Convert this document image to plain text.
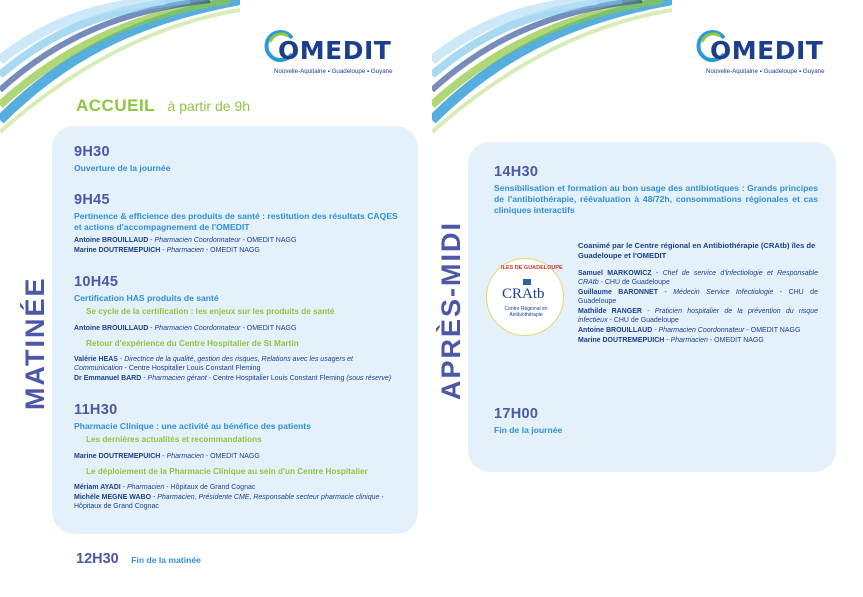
OMEDIT
Nouvelle-Aquitaine ▪ Guadeloupe ▪ Guyane
ACCUEIL à partir de 9h
MATINÉE
9H30
Ouverture de la journée
9H45
Pertinence & efficience des produits de santé : restitution des résultats CAQES et actions d'accompagnement de l'OMEDIT
Antoine BROUILLAUD - Pharmacien Coordonnateur - OMEDIT NAGG
Marine DOUTREMEPUICH - Pharmacien - OMEDIT NAGG
10H45
Certification HAS produits de santé
Se cycle de la certification : les enjeux sur les produits de santé
Antoine BROUILLAUD - Pharmacien Coordonnateur - OMEDIT NAGG
Retour d'expérience du Centre Hospitalier de St Martin
Valérie HEAS - Directrice de la qualité, gestion des risques, Relations avec les usagers et Communication - Centre Hospitalier Louis Constant Fleming
Dr Emmanuel BARD - Pharmacien gérant - Centre Hospitalier Louis Constant Fleming (sous réserve)
11H30
Pharmacie Clinique : une activité au bénéfice des patients
Les dernières actualités et recommandations
Marine DOUTREMEPUICH - Pharmacien - OMEDIT NAGG
Le déploiement de la Pharmacie Clinique au sein d'un Centre Hospitalier
Mériam AYADI - Pharmacien - Hôpitaux de Grand Cognac
Michèle MEGNE WABO - Pharmacien, Présidente CME, Responsable secteur pharmacie clinique - Hôpitaux de Grand Cognac
12H30 Fin de la matinée
OMEDIT
Nouvelle-Aquitaine ▪ Guadeloupe ▪ Guyane
APRÈS-MIDI
14H30
Sensibilisation et formation au bon usage des antibiotiques : Grands principes de l'antibiothérapie, réévaluation à 48/72h, consommations régionales et cas cliniques interactifs
ILES DE GUADELOUPE
CRAtb
Centre Régional en Antibiothérapie
Coanimé par le Centre régional en Antibiothérapie (CRAtb) îles de Guadeloupe et l'OMEDIT
Samuel MARKOWICZ - Chef de service d'infectiologie et Responsable CRAtb - CHU de Guadeloupe
Guillaume BARONNET - Médecin Service Infectiologie - CHU de Guadeloupe
Mathilde RANGER - Praticien hospitalier de la prévention du risque infectieux - CHU de Guadeloupe
Antoine BROUILLAUD - Pharmacien Coordonnateur - OMEDIT NAGG
Marine DOUTREMEPUICH - Pharmacien - OMEDIT NAGG
17H00
Fin de la journée
